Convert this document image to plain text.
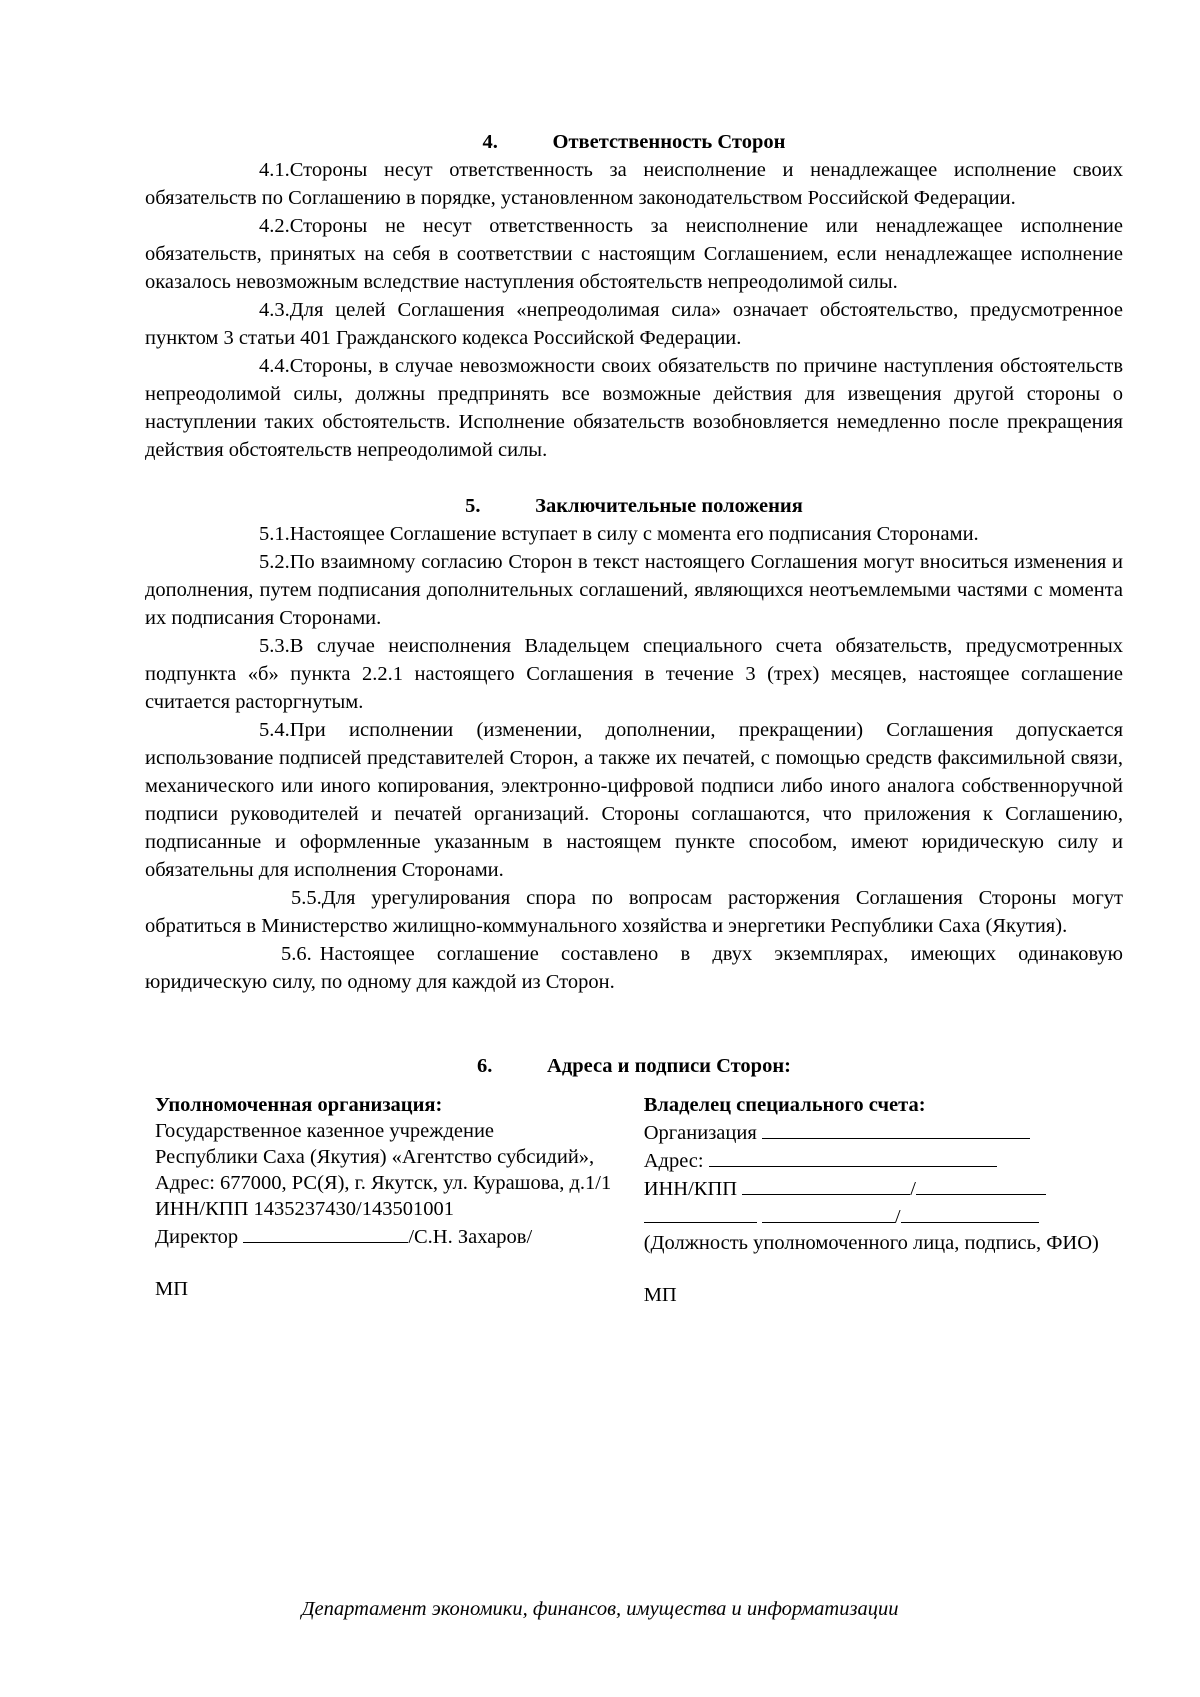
4.	Ответственность Сторон

4.1.Стороны несут ответственность за неисполнение и ненадлежащее исполнение своих обязательств по Соглашению в порядке, установленном законодательством Российской Федерации.

4.2.Стороны не несут ответственность за неисполнение или ненадлежащее исполнение обязательств, принятых на себя в соответствии с настоящим Соглашением, если ненадлежащее исполнение оказалось невозможным вследствие наступления обстоятельств непреодолимой силы.

4.3.Для целей Соглашения «непреодолимая сила» означает обстоятельство, предусмотренное пунктом 3 статьи 401 Гражданского кодекса Российской Федерации.

4.4.Стороны, в случае невозможности своих обязательств по причине наступления обстоятельств непреодолимой силы, должны предпринять все возможные действия для извещения другой стороны о наступлении таких обстоятельств. Исполнение обязательств возобновляется немедленно после прекращения действия обстоятельств непреодолимой силы.

5.	Заключительные положения

5.1.Настоящее Соглашение вступает в силу с момента его подписания Сторонами.

5.2.По взаимному согласию Сторон в текст настоящего Соглашения могут вноситься изменения и дополнения, путем подписания дополнительных соглашений, являющихся неотъемлемыми частями с момента их подписания Сторонами.

5.3.В случае неисполнения Владельцем специального счета обязательств, предусмотренных подпункта «б» пункта 2.2.1 настоящего Соглашения в течение 3 (трех) месяцев, настоящее соглашение считается расторгнутым.

5.4.При исполнении (изменении, дополнении, прекращении) Соглашения допускается использование подписей представителей Сторон, а также их печатей, с помощью средств факсимильной связи, механического или иного копирования, электронно-цифровой подписи либо иного аналога собственноручной подписи руководителей и печатей организаций. Стороны соглашаются, что приложения к Соглашению, подписанные и оформленные указанным в настоящем пункте способом, имеют юридическую силу и обязательны для исполнения Сторонами.

5.5.Для урегулирования спора по вопросам расторжения Соглашения Стороны могут обратиться в Министерство жилищно-коммунального хозяйства и энергетики Республики Саха (Якутия).

5.6. Настоящее соглашение составлено в двух экземплярах, имеющих одинаковую юридическую силу, по одному для каждой из Сторон.

6.	Адреса и подписи Сторон:

Уполномоченная организация:
Государственное казенное учреждение
Республики Саха (Якутия) «Агентство субсидий»,
Адрес: 677000, РС(Я), г. Якутск, ул. Курашова, д.1/1
ИНН/КПП 1435237430/143501001
Директор	/С.Н. Захаров/
МП
Владелец специального счета:
Организация
Адрес:
ИНН/КПП	/
/
(Должность уполномоченного лица, подпись, ФИО)
МП
Департамент экономики, финансов, имущества и информатизации
